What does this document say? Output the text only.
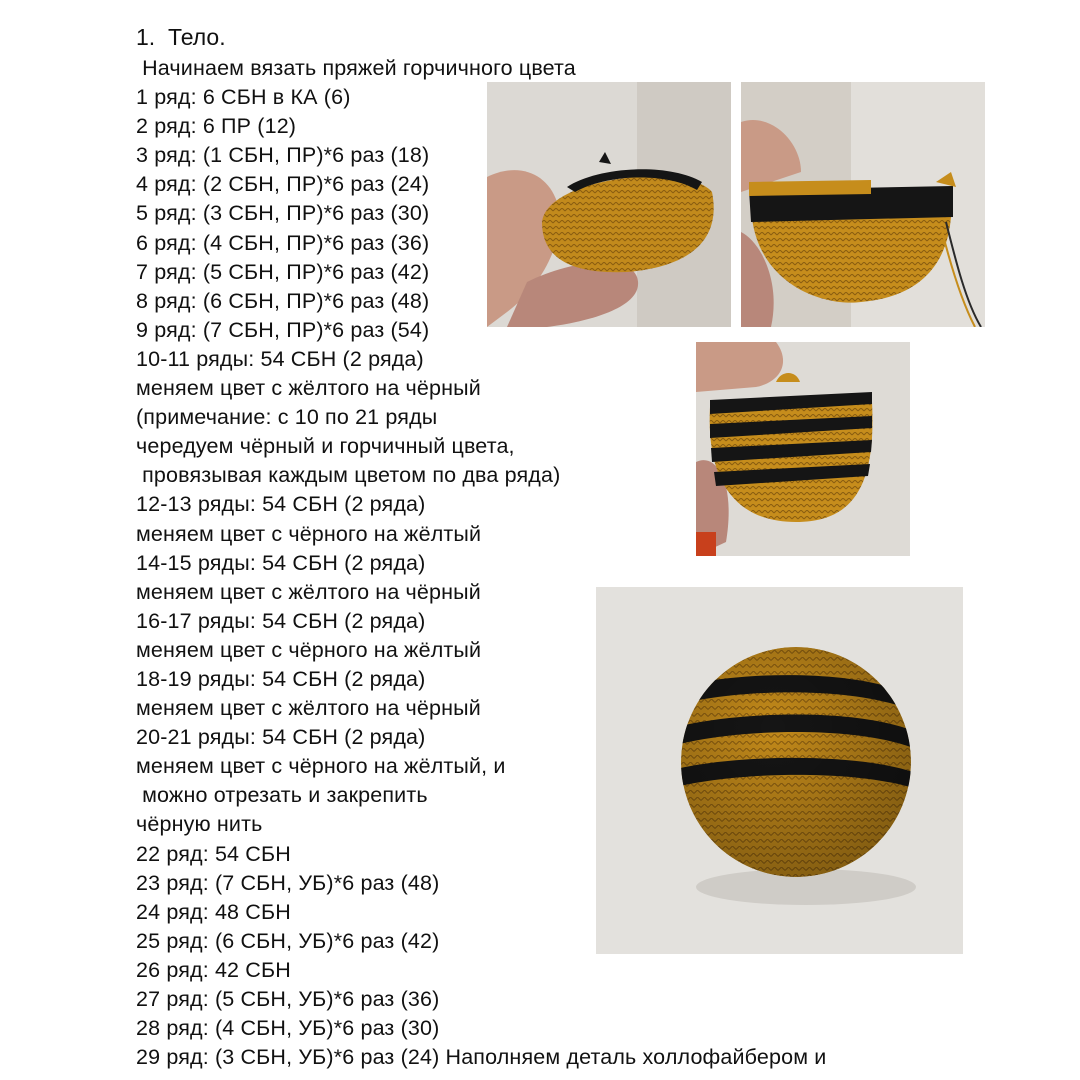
1.  Тело.
Начинаем вязать пряжей горчичного цвета
1 ряд: 6 СБН в КА (6)
2 ряд: 6 ПР (12)
3 ряд: (1 СБН, ПР)*6 раз (18)
4 ряд: (2 СБН, ПР)*6 раз (24)
5 ряд: (3 СБН, ПР)*6 раз (30)
6 ряд: (4 СБН, ПР)*6 раз (36)
7 ряд: (5 СБН, ПР)*6 раз (42)
8 ряд: (6 СБН, ПР)*6 раз (48)
9 ряд: (7 СБН, ПР)*6 раз (54)
10-11 ряды: 54 СБН (2 ряда)
меняем цвет с жёлтого на чёрный
(примечание: с 10 по 21 ряды
чередуем чёрный и горчичный цвета,
провязывая каждым цветом по два ряда)
12-13 ряды: 54 СБН (2 ряда)
меняем цвет с чёрного на жёлтый
14-15 ряды: 54 СБН (2 ряда)
меняем цвет с жёлтого на чёрный
16-17 ряды: 54 СБН (2 ряда)
меняем цвет с чёрного на жёлтый
18-19 ряды: 54 СБН (2 ряда)
меняем цвет с жёлтого на чёрный
20-21 ряды: 54 СБН (2 ряда)
меняем цвет с чёрного на жёлтый, и
можно отрезать и закрепить
чёрную нить
22 ряд: 54 СБН
23 ряд: (7 СБН, УБ)*6 раз (48)
24 ряд: 48 СБН
25 ряд: (6 СБН, УБ)*6 раз (42)
26 ряд: 42 СБН
27 ряд: (5 СБН, УБ)*6 раз (36)
28 ряд: (4 СБН, УБ)*6 раз (30)
29 ряд: (3 СБН, УБ)*6 раз (24) Наполняем деталь холлофайбером и
